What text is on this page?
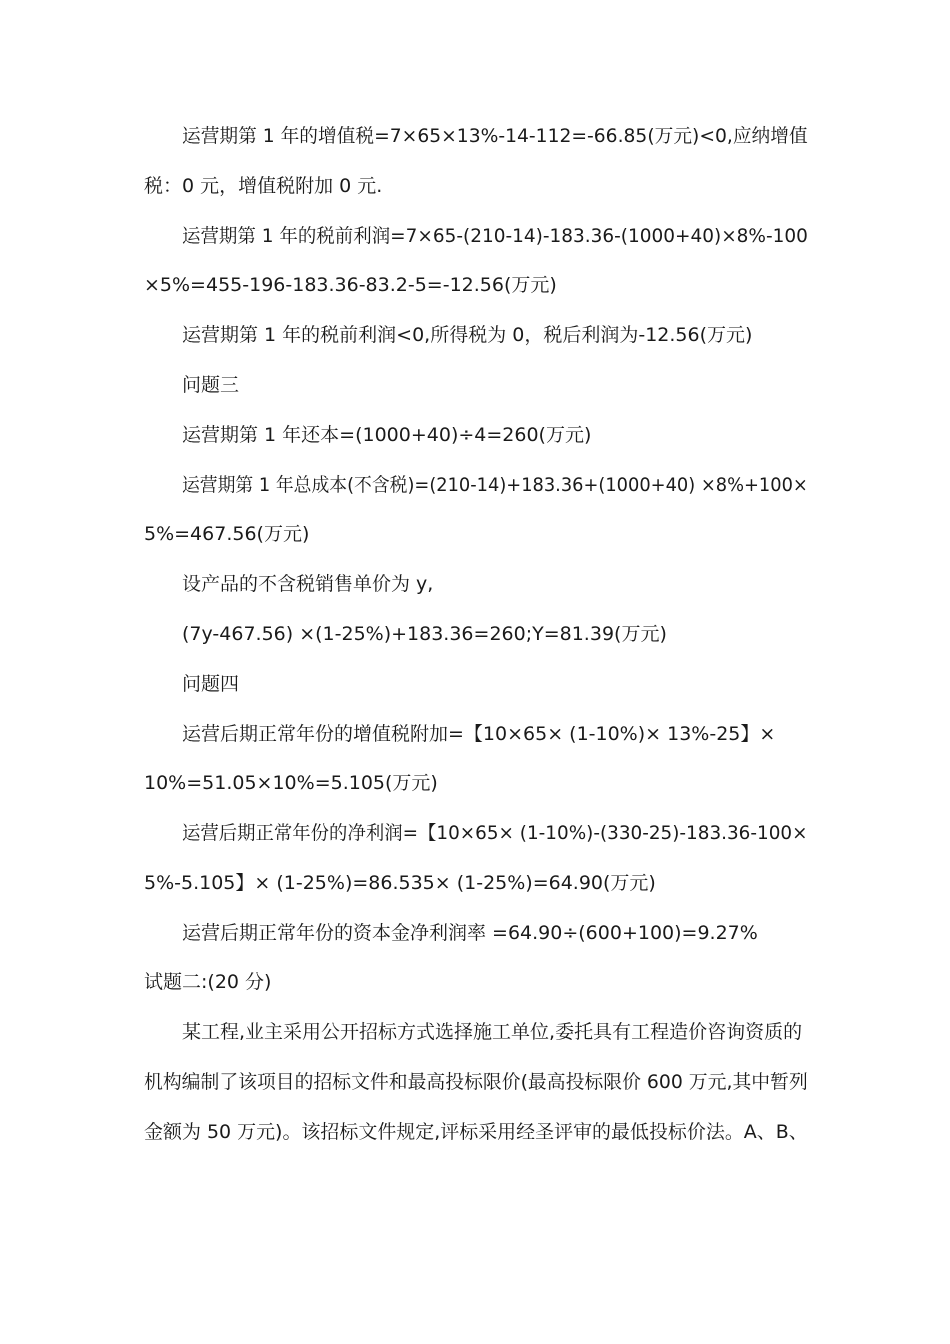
运营期第 1 年的增值税=7×65×13%-14-112=-66.85(万元)<0,应纳增值
税：0 元，增值税附加 0 元.
运营期第 1 年的税前利润=7×65-(210-14)-183.36-(1000+40)×8%-100
×5%=455-196-183.36-83.2-5=-12.56(万元)
运营期第 1 年的税前利润<0,所得税为 0，税后利润为-12.56(万元)
问题三
运营期第 1 年还本=(1000+40)÷4=260(万元)
运营期第 1 年总成本(不含税)=(210-14)+183.36+(1000+40) ×8%+100×
5%=467.56(万元)
设产品的不含税销售单价为 y,
(7y-467.56) ×(1-25%)+183.36=260;Y=81.39(万元)
问题四
运营后期正常年份的增值税附加=【10×65× (1-10%)× 13%-25】×
10%=51.05×10%=5.105(万元)
运营后期正常年份的净利润=【10×65× (1-10%)-(330-25)-183.36-100×
5%-5.105】× (1-25%)=86.535× (1-25%)=64.90(万元)
运营后期正常年份的资本金净利润率 =64.90÷(600+100)=9.27%
试题二:(20 分)
某工程,业主采用公开招标方式选择施工单位,委托具有工程造价咨询资质的
机构编制了该项目的招标文件和最高投标限价(最高投标限价 600 万元,其中暂列
金额为 50 万元)。该招标文件规定,评标采用经圣评审的最低投标价法。A、B、
